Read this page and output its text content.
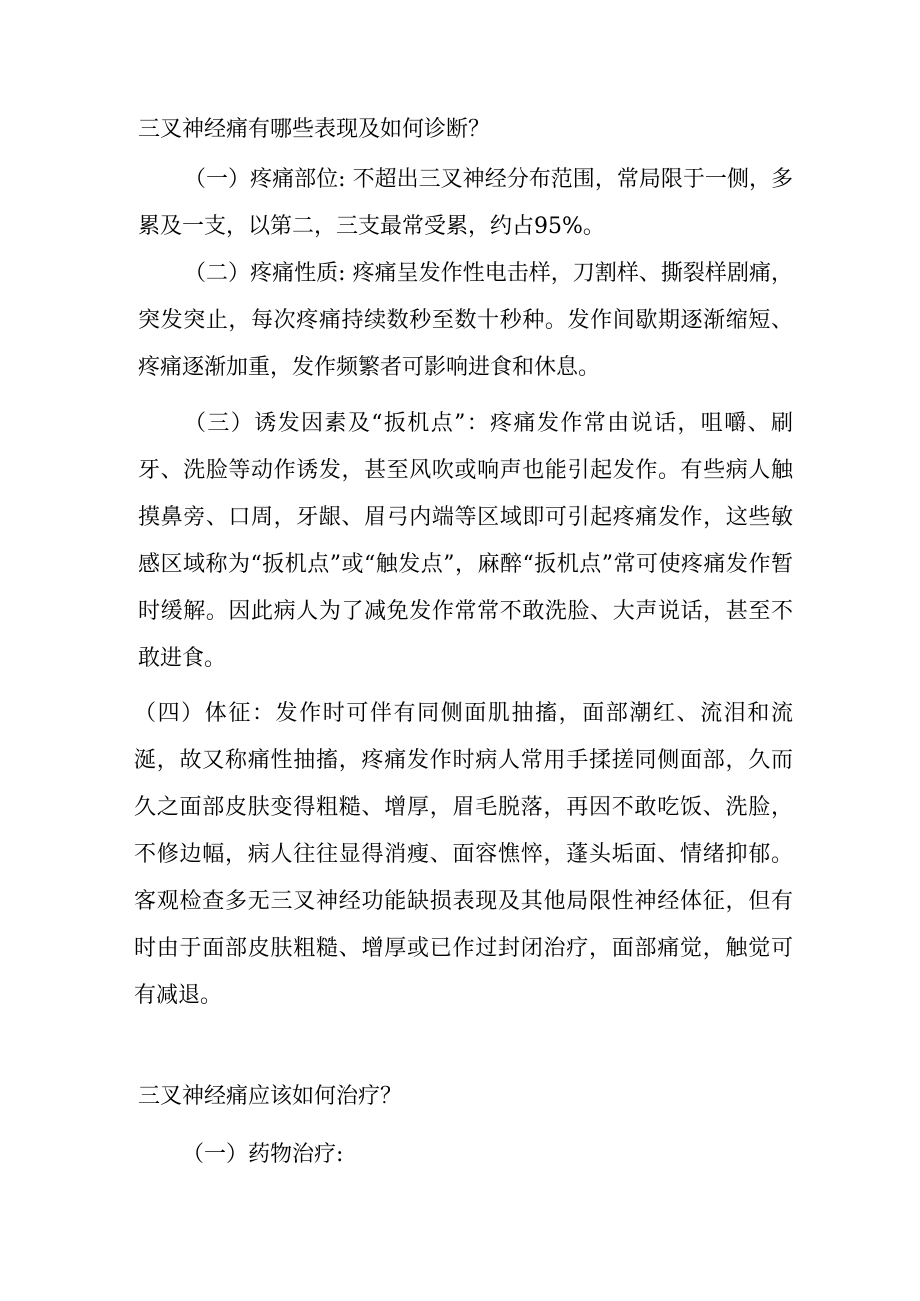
三叉神经痛有哪些表现及如何诊断？

（一）疼痛部位: 不超出三叉神经分布范围，常局限于一侧，多累及一支，以第二，三支最常受累，约占95%。

（二）疼痛性质: 疼痛呈发作性电击样，刀割样、撕裂样剧痛，突发突止，每次疼痛持续数秒至数十秒种。发作间歇期逐渐缩短、疼痛逐渐加重，发作频繁者可影响进食和休息。

（三）诱发因素及“扳机点”：疼痛发作常由说话，咀嚼、刷牙、洗脸等动作诱发，甚至风吹或响声也能引起发作。有些病人触摸鼻旁、口周，牙龈、眉弓内端等区域即可引起疼痛发作，这些敏感区域称为“扳机点”或“触发点”，麻醉“扳机点”常可使疼痛发作暂时缓解。因此病人为了减免发作常常不敢洗脸、大声说话，甚至不敢进食。

（四）体征：发作时可伴有同侧面肌抽搐，面部潮红、流泪和流涎，故又称痛性抽搐，疼痛发作时病人常用手揉搓同侧面部，久而久之面部皮肤变得粗糙、增厚，眉毛脱落，再因不敢吃饭、洗脸，不修边幅，病人往往显得消瘦、面容憔悴，蓬头垢面、情绪抑郁。客观检查多无三叉神经功能缺损表现及其他局限性神经体征，但有时由于面部皮肤粗糙、增厚或已作过封闭治疗，面部痛觉，触觉可有减退。

三叉神经痛应该如何治疗？
（一）药物治疗:
